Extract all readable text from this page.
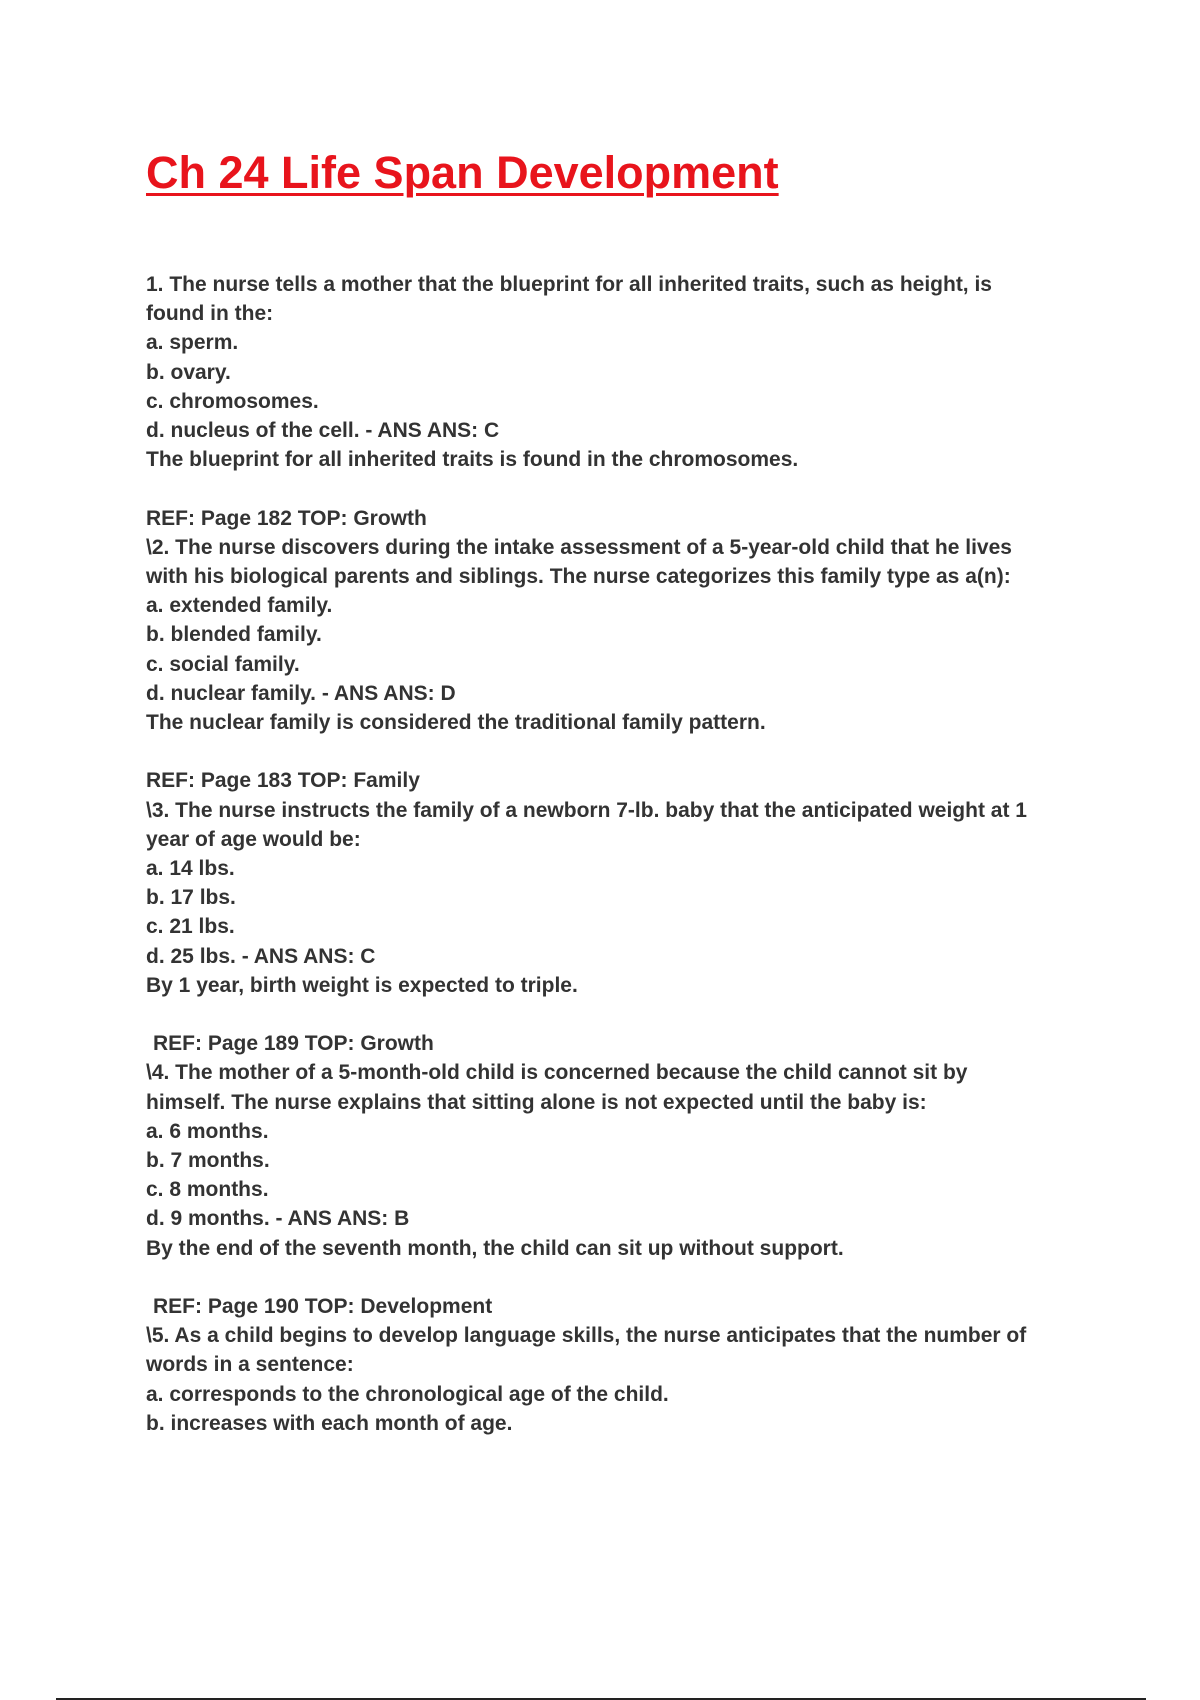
Ch 24 Life Span Development

1. The nurse tells a mother that the blueprint for all inherited traits, such as height, is

found in the:

a. sperm.

b. ovary.

c. chromosomes.

d. nucleus of the cell. - ANS ANS: C

The blueprint for all inherited traits is found in the chromosomes.

REF: Page 182 TOP: Growth

\2. The nurse discovers during the intake assessment of a 5-year-old child that he lives

with his biological parents and siblings. The nurse categorizes this family type as a(n):

a. extended family.

b. blended family.

c. social family.

d. nuclear family. - ANS ANS: D

The nuclear family is considered the traditional family pattern.

REF: Page 183 TOP: Family

\3. The nurse instructs the family of a newborn 7-lb. baby that the anticipated weight at 1

year of age would be:

a. 14 lbs.

b. 17 lbs.

c. 21 lbs.

d. 25 lbs. - ANS ANS: C

By 1 year, birth weight is expected to triple.

REF: Page 189 TOP: Growth

\4. The mother of a 5-month-old child is concerned because the child cannot sit by

himself. The nurse explains that sitting alone is not expected until the baby is:

a. 6 months.

b. 7 months.

c. 8 months.

d. 9 months. - ANS ANS: B

By the end of the seventh month, the child can sit up without support.

REF: Page 190 TOP: Development

\5. As a child begins to develop language skills, the nurse anticipates that the number of

words in a sentence:

a. corresponds to the chronological age of the child.

b. increases with each month of age.
